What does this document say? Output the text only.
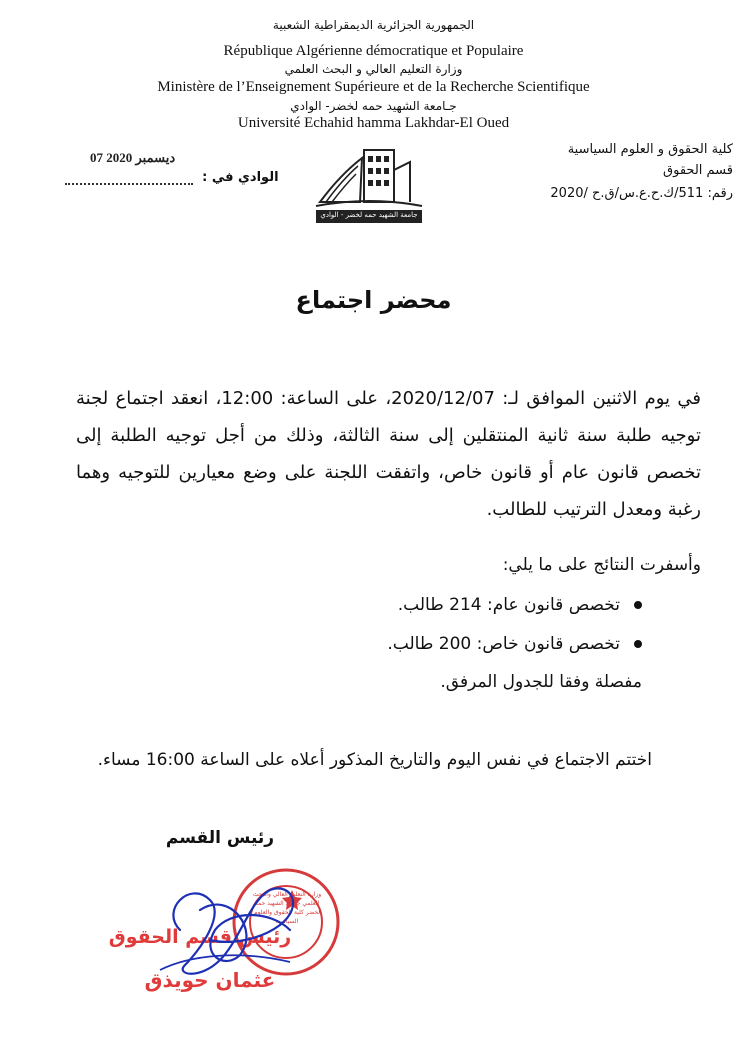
الجمهورية الجزائرية الديمقراطية الشعبية
République Algérienne démocratique et Populaire
وزارة التعليم العالي و البحث العلمي
Ministère de l’Enseignement Supérieure et de la Recherche Scientifique
جـامعة الشهيد حمه لخضر- الوادي
Université Echahid hamma Lakhdar-El Oued
كلية الحقوق و العلوم السياسية
قسم الحقوق
رقم: 511/ك.ح.ع.س/ق.ح /2020
07 ديسمبر 2020
الوادي في :
جامعة الشهيد حمه لخضر - الوادي
محضر اجتماع
في يوم الاثنين الموافق لـ: 2020/12/07، على الساعة: 12:00، انعقد اجتماع لجنة توجيه طلبة سنة ثانية المنتقلين إلى سنة الثالثة، وذلك من أجل توجيه الطلبة إلى تخصص قانون عام أو قانون خاص، واتفقت اللجنة على وضع معيارين للتوجيه وهما رغبة ومعدل الترتيب للطالب.
وأسفرت النتائج على ما يلي:
تخصص قانون عام: 214 طالب.
تخصص قانون خاص: 200 طالب.
مفصلة وفقا للجدول المرفق.
اختتم الاجتماع في نفس اليوم والتاريخ المذكور أعلاه على الساعة 16:00 مساء.
رئيس القسم
وزارة التعليم العالي والبحث العلمي جامعة الشهيد حمه لخضر كلية الحقوق والعلوم السياسية
رئيس قسم الحقوق
عثمان حويذق
